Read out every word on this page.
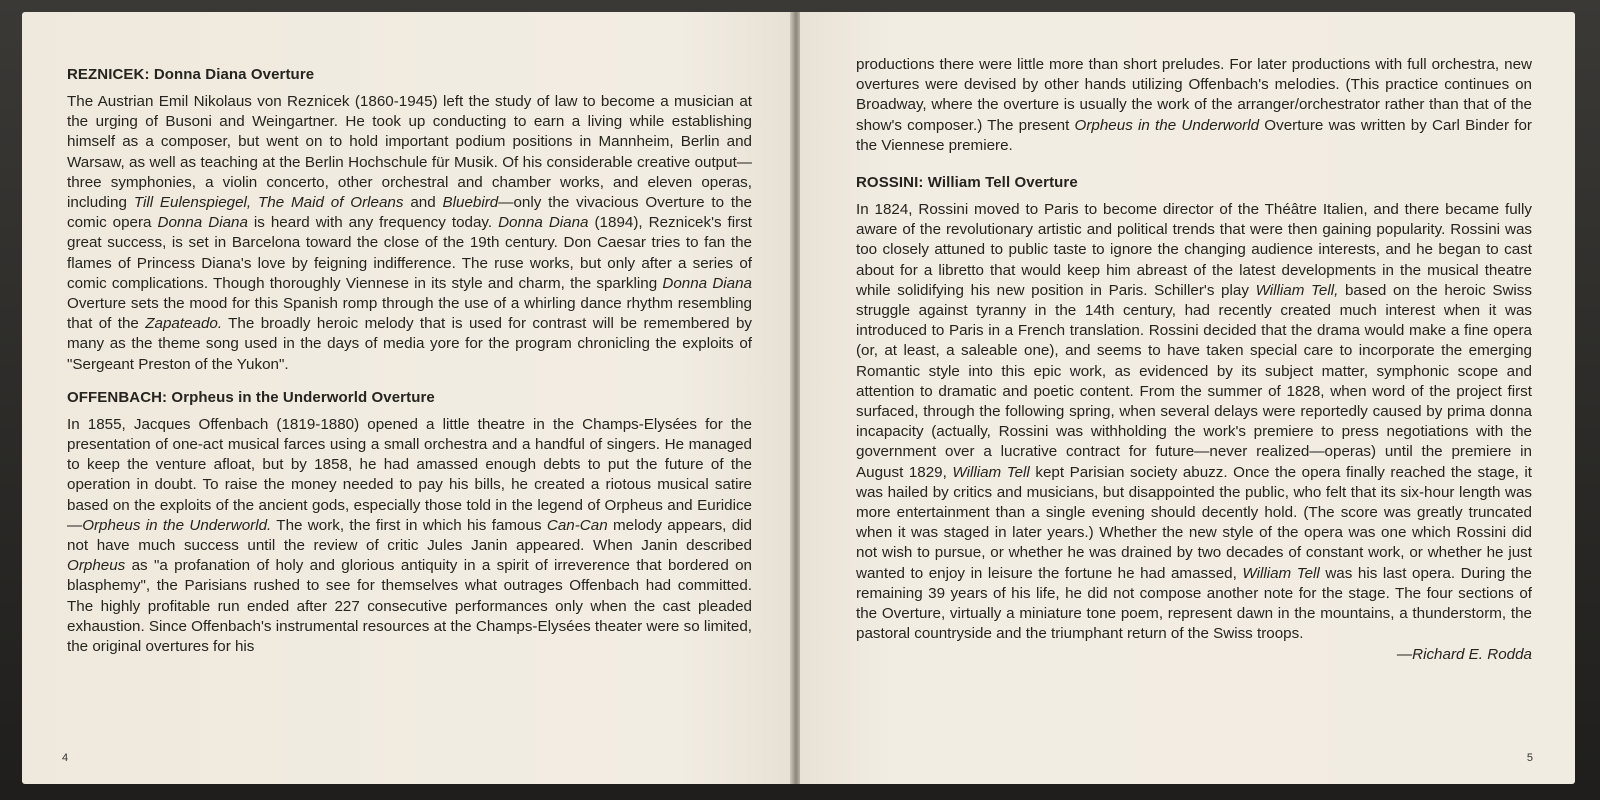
REZNICEK: Donna Diana Overture

The Austrian Emil Nikolaus von Reznicek (1860-1945) left the study of law to become a musician at the urging of Busoni and Weingartner. He took up conducting to earn a living while establishing himself as a composer, but went on to hold important podium positions in Mannheim, Berlin and Warsaw, as well as teaching at the Berlin Hochschule für Musik. Of his considerable creative output—three symphonies, a violin concerto, other orchestral and chamber works, and eleven operas, including Till Eulenspiegel, The Maid of Orleans and Bluebird—only the vivacious Overture to the comic opera Donna Diana is heard with any frequency today. Donna Diana (1894), Reznicek's first great success, is set in Barcelona toward the close of the 19th century. Don Caesar tries to fan the flames of Princess Diana's love by feigning indifference. The ruse works, but only after a series of comic complications. Though thoroughly Viennese in its style and charm, the sparkling Donna Diana Overture sets the mood for this Spanish romp through the use of a whirling dance rhythm resembling that of the Zapateado. The broadly heroic melody that is used for contrast will be remembered by many as the theme song used in the days of media yore for the program chronicling the exploits of "Sergeant Preston of the Yukon".

OFFENBACH: Orpheus in the Underworld Overture

In 1855, Jacques Offenbach (1819-1880) opened a little theatre in the Champs-Elysées for the presentation of one-act musical farces using a small orchestra and a handful of singers. He managed to keep the venture afloat, but by 1858, he had amassed enough debts to put the future of the operation in doubt. To raise the money needed to pay his bills, he created a riotous musical satire based on the exploits of the ancient gods, especially those told in the legend of Orpheus and Euridice—Orpheus in the Underworld. The work, the first in which his famous Can-Can melody appears, did not have much success until the review of critic Jules Janin appeared. When Janin described Orpheus as "a profanation of holy and glorious antiquity in a spirit of irreverence that bordered on blasphemy", the Parisians rushed to see for themselves what outrages Offenbach had committed. The highly profitable run ended after 227 consecutive performances only when the cast pleaded exhaustion. Since Offenbach's instrumental resources at the Champs-Elysées theater were so limited, the original overtures for his

4

productions there were little more than short preludes. For later productions with full orchestra, new overtures were devised by other hands utilizing Offenbach's melodies. (This practice continues on Broadway, where the overture is usually the work of the arranger/orchestrator rather than that of the show's composer.) The present Orpheus in the Underworld Overture was written by Carl Binder for the Viennese premiere.

ROSSINI: William Tell Overture

In 1824, Rossini moved to Paris to become director of the Théâtre Italien, and there became fully aware of the revolutionary artistic and political trends that were then gaining popularity. Rossini was too closely attuned to public taste to ignore the changing audience interests, and he began to cast about for a libretto that would keep him abreast of the latest developments in the musical theatre while solidifying his new position in Paris. Schiller's play William Tell, based on the heroic Swiss struggle against tyranny in the 14th century, had recently created much interest when it was introduced to Paris in a French translation. Rossini decided that the drama would make a fine opera (or, at least, a saleable one), and seems to have taken special care to incorporate the emerging Romantic style into this epic work, as evidenced by its subject matter, symphonic scope and attention to dramatic and poetic content. From the summer of 1828, when word of the project first surfaced, through the following spring, when several delays were reportedly caused by prima donna incapacity (actually, Rossini was withholding the work's premiere to press negotiations with the government over a lucrative contract for future—never realized—operas) until the premiere in August 1829, William Tell kept Parisian society abuzz. Once the opera finally reached the stage, it was hailed by critics and musicians, but disappointed the public, who felt that its six-hour length was more entertainment than a single evening should decently hold. (The score was greatly truncated when it was staged in later years.) Whether the new style of the opera was one which Rossini did not wish to pursue, or whether he was drained by two decades of constant work, or whether he just wanted to enjoy in leisure the fortune he had amassed, William Tell was his last opera. During the remaining 39 years of his life, he did not compose another note for the stage. The four sections of the Overture, virtually a miniature tone poem, represent dawn in the mountains, a thunderstorm, the pastoral countryside and the triumphant return of the Swiss troops.

—Richard E. Rodda
5
